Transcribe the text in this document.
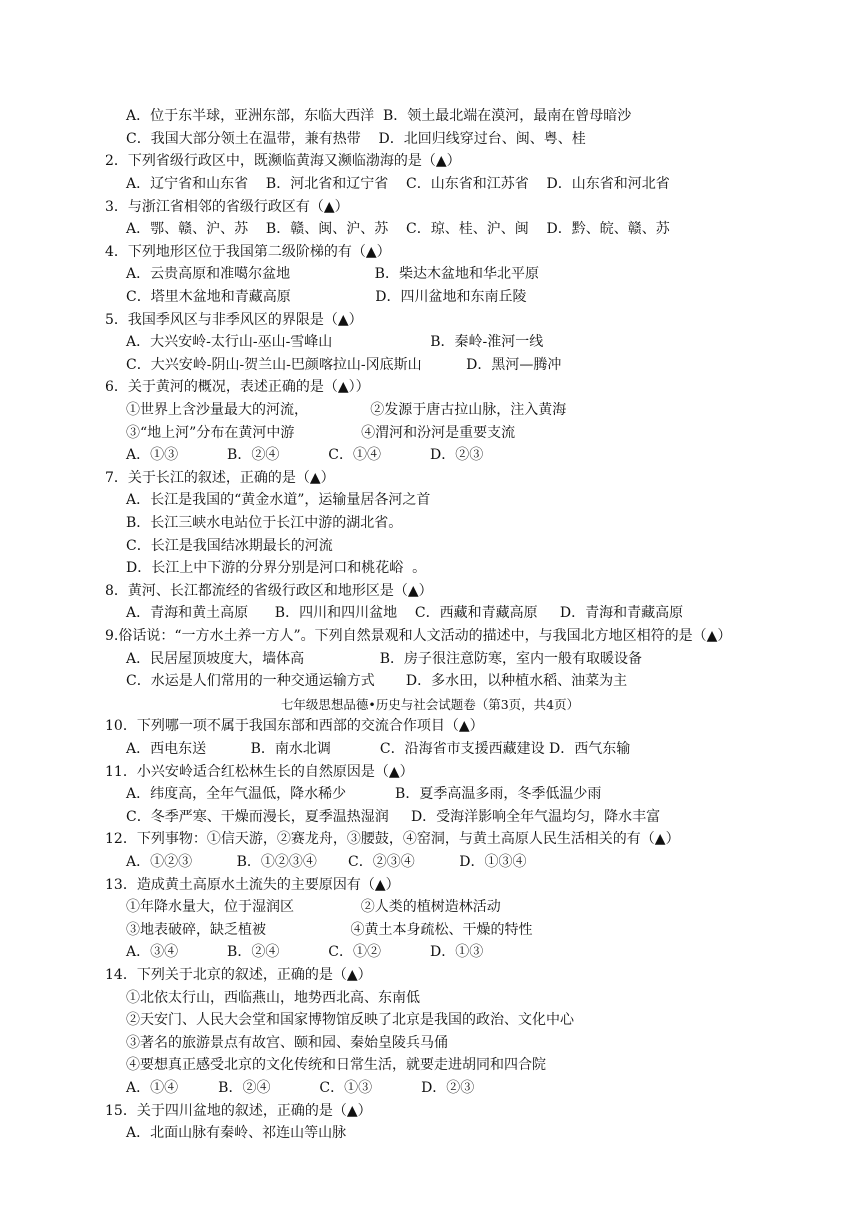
A．位于东半球，亚洲东部，东临大西洋  B．领土最北端在漠河，最南在曾母暗沙
C．我国大部分领土在温带，兼有热带    D．北回归线穿过台、闽、粤、桂
2．下列省级行政区中，既濒临黄海又濒临渤海的是（▲）
A．辽宁省和山东省    B．河北省和辽宁省    C．山东省和江苏省    D．山东省和河北省
3．与浙江省相邻的省级行政区有（▲）
A．鄂、赣、沪、苏    B．赣、闽、沪、苏    C．琼、桂、沪、闽    D．黔、皖、赣、苏
4．下列地形区位于我国第二级阶梯的有（▲）
A．云贵高原和准噶尔盆地                   B．柴达木盆地和华北平原
C．塔里木盆地和青藏高原                   D．四川盆地和东南丘陵
5．我国季风区与非季风区的界限是（▲）
A．大兴安岭-太行山-巫山-雪峰山                      B．秦岭-淮河一线
C．大兴安岭-阴山-贺兰山-巴颜喀拉山-冈底斯山          D．黑河—腾冲
6．关于黄河的概况，表述正确的是（▲））
①世界上含沙量最大的河流，              ②发源于唐古拉山脉，注入黄海
③“地上河”分布在黄河中游               ④渭河和汾河是重要支流
A．①③           B．②④           C．①④           D．②③
7．关于长江的叙述，正确的是（▲）
A．长江是我国的“黄金水道”，运输量居各河之首
B．长江三峡水电站位于长江中游的湖北省。
C．长江是我国结冰期最长的河流
D．长江上中下游的分界分别是河口和桃花峪  。
8．黄河、长江都流经的省级行政区和地形区是（▲）
A．青海和黄土高原      B．四川和四川盆地    C．西藏和青藏高原     D．青海和青藏高原
9.俗话说：“一方水土养一方人”。下列自然景观和人文活动的描述中，与我国北方地区相符的是（▲）
A．民居屋顶坡度大，墙体高                 B．房子很注意防寒，室内一般有取暖设备
C．水运是人们常用的一种交通运输方式       D．多水田，以种植水稻、油菜为主
七年级思想品德•历史与社会试题卷（第3页，共4页）
10．下列哪一项不属于我国东部和西部的交流合作项目（▲）
A．西电东送          B．南水北调           C．沿海省市支援西藏建设 D．西气东输
11．小兴安岭适合红松林生长的自然原因是（▲）
A．纬度高，全年气温低，降水稀少           B．夏季高温多雨，冬季低温少雨
C．冬季严寒、干燥而漫长，夏季温热湿润     D．受海洋影响全年气温均匀，降水丰富
12．下列事物：①信天游，②赛龙舟，③腰鼓，④窑洞，与黄土高原人民生活相关的有（▲）
A．①②③          B．①②③④       C．②③④          D．①③④
13．造成黄土高原水土流失的主要原因有（▲）
①年降水量大，位于湿润区               ②人类的植树造林活动
③地表破碎，缺乏植被                   ④黄土本身疏松、干燥的特性
A．③④           B．②④           C．①②           D．①③
14．下列关于北京的叙述，正确的是（▲）
①北依太行山，西临燕山，地势西北高、东南低
②天安门、人民大会堂和国家博物馆反映了北京是我国的政治、文化中心
③著名的旅游景点有故宫、颐和园、秦始皇陵兵马俑
④要想真正感受北京的文化传统和日常生活，就要走进胡同和四合院
A．①④         B．②④           C．①③           D．②③
15．关于四川盆地的叙述，正确的是（▲）
A．北面山脉有秦岭、祁连山等山脉
